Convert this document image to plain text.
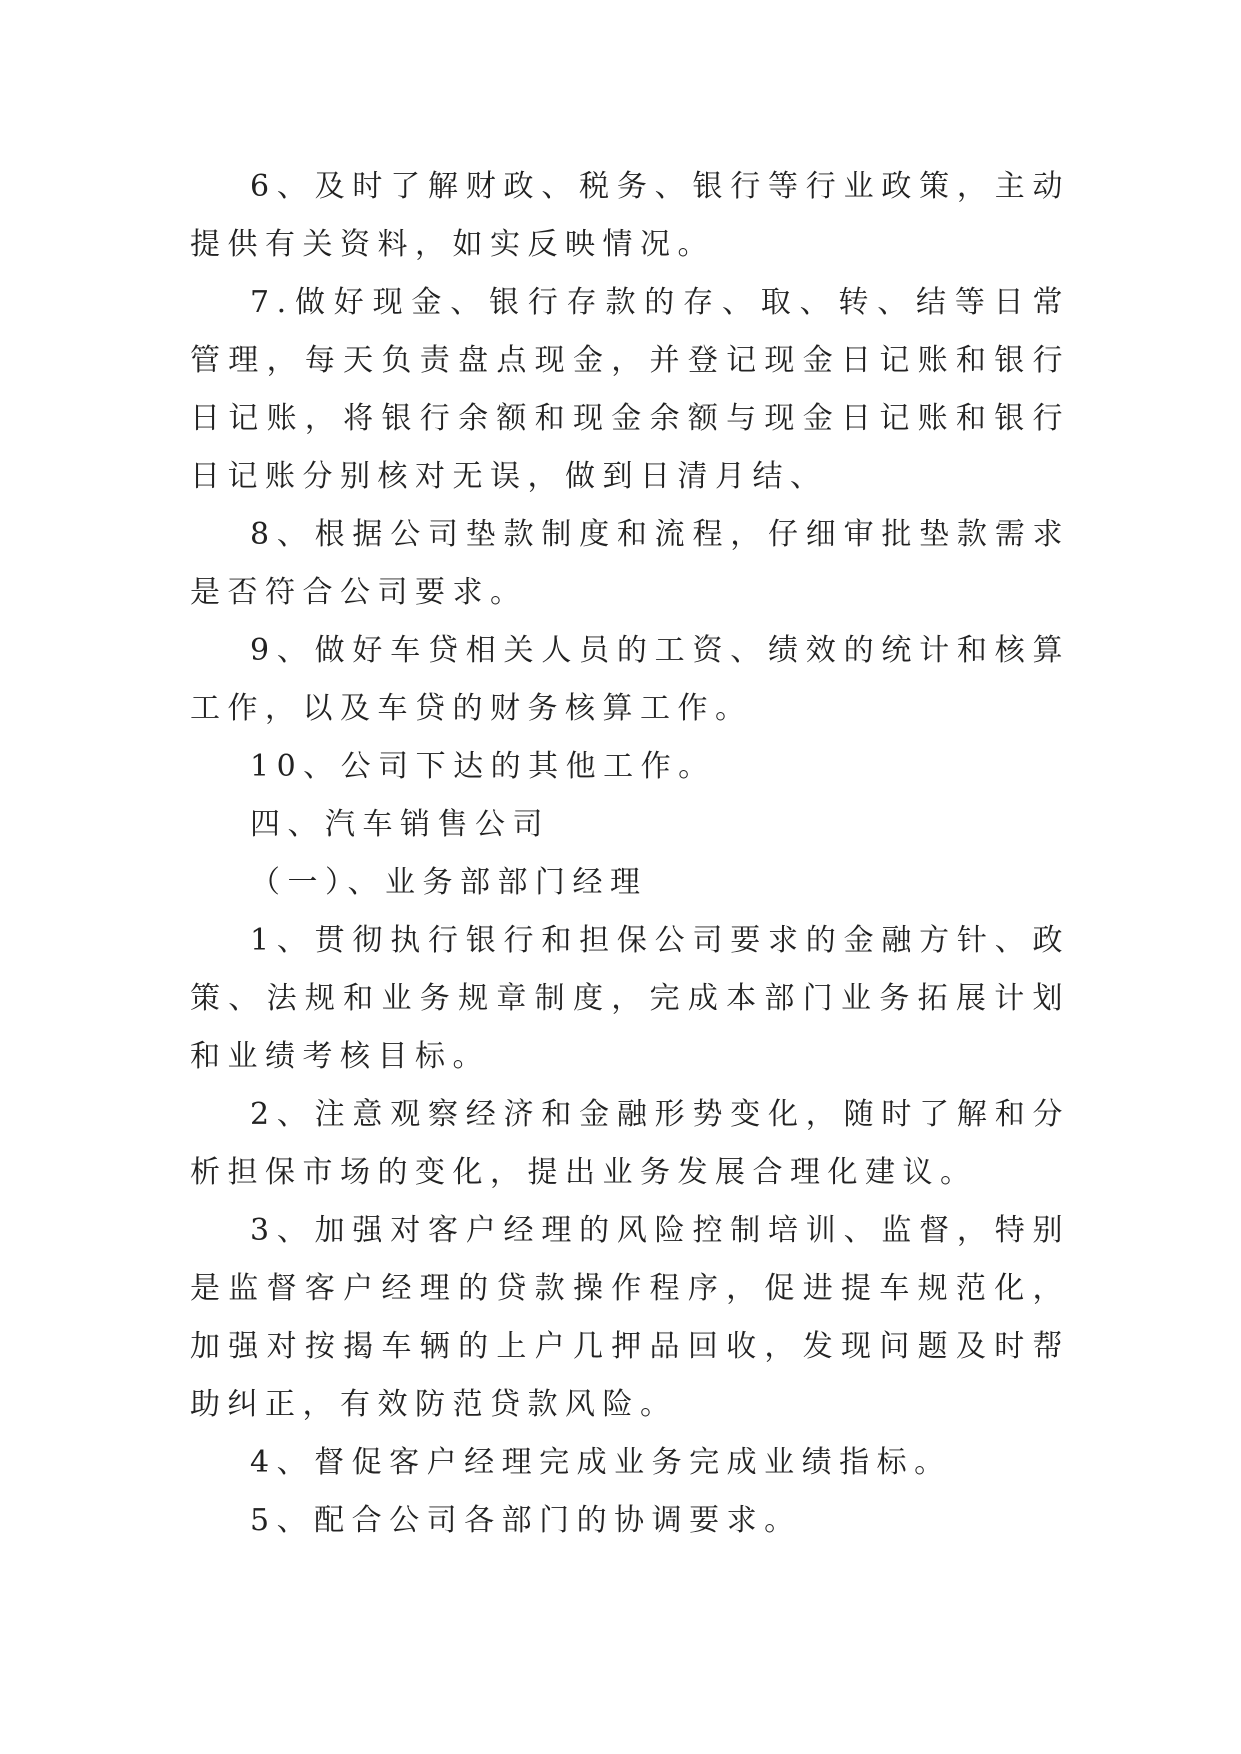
6、及时了解财政、税务、银行等行业政策，主动提供有关资料，如实反映情况。

7.做好现金、银行存款的存、取、转、结等日常管理，每天负责盘点现金，并登记现金日记账和银行日记账，将银行余额和现金余额与现金日记账和银行日记账分别核对无误，做到日清月结、

8、根据公司垫款制度和流程，仔细审批垫款需求是否符合公司要求。

9、做好车贷相关人员的工资、绩效的统计和核算工作，以及车贷的财务核算工作。

10、公司下达的其他工作。

四、汽车销售公司

（一）、业务部部门经理

1、贯彻执行银行和担保公司要求的金融方针、政策、法规和业务规章制度，完成本部门业务拓展计划和业绩考核目标。

2、注意观察经济和金融形势变化，随时了解和分析担保市场的变化，提出业务发展合理化建议。

3、加强对客户经理的风险控制培训、监督，特别是监督客户经理的贷款操作程序，促进提车规范化，加强对按揭车辆的上户几押品回收，发现问题及时帮助纠正，有效防范贷款风险。

4、督促客户经理完成业务完成业绩指标。

5、配合公司各部门的协调要求。
